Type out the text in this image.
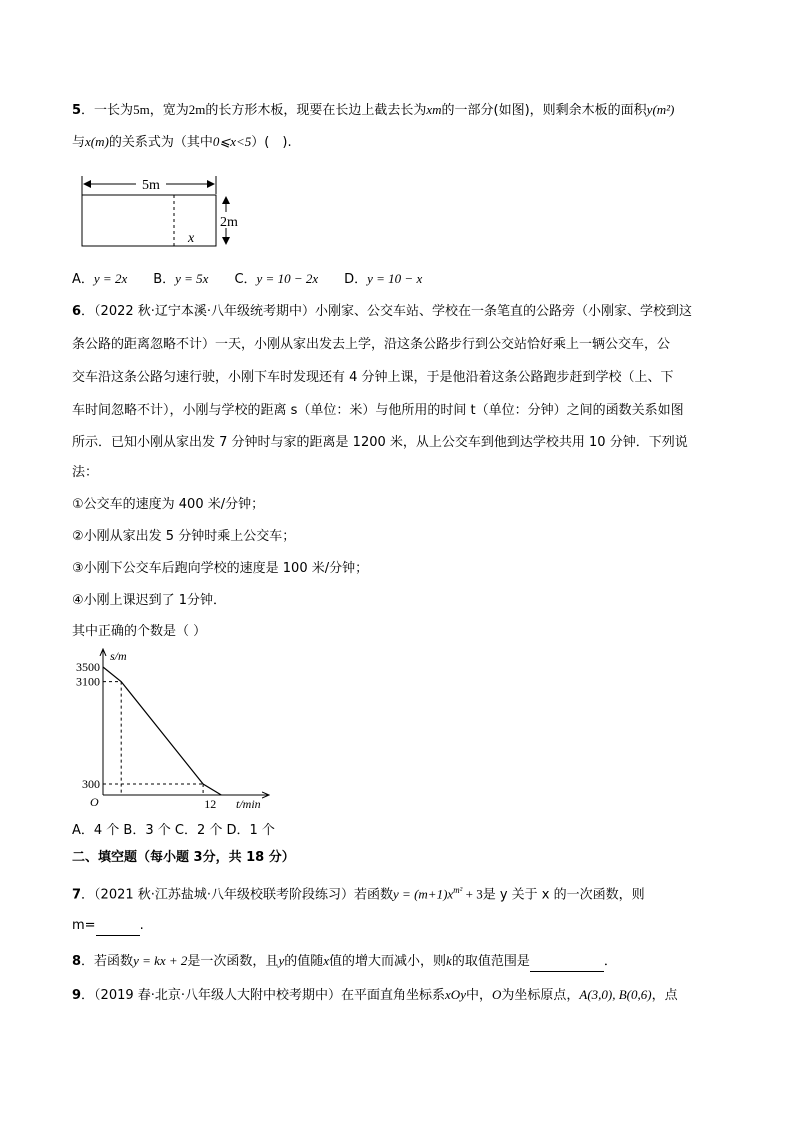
5．一长为5m，宽为2m的长方形木板，现要在长边上截去长为xm的一部分(如图)，则剩余木板的面积y(m²)
与x(m)的关系式为（其中0⩽x<5）(　).
5m
x
2m
A．y = 2x B．y = 5x C．y = 10 − 2x D．y = 10 − x
6．（2022 秋·辽宁本溪·八年级统考期中）小刚家、公交车站、学校在一条笔直的公路旁（小刚家、学校到这
条公路的距离忽略不计）一天，小刚从家出发去上学，沿这条公路步行到公交站恰好乘上一辆公交车，公
交车沿这条公路匀速行驶，小刚下车时发现还有 4 分钟上课，于是他沿着这条公路跑步赶到学校（上、下
车时间忽略不计），小刚与学校的距离 s（单位：米）与他所用的时间 t（单位：分钟）之间的函数关系如图
所示．已知小刚从家出发 7 分钟时与家的距离是 1200 米，从上公交车到他到达学校共用 10 分钟．下列说
法：
①公交车的速度为 400 米/分钟；
②小刚从家出发 5 分钟时乘上公交车；
③小刚下公交车后跑向学校的速度是 100 米/分钟；
④小刚上课迟到了 1分钟．
其中正确的个数是（ ）
s/m
t/min
O
3500
3100
300
12
A．4 个 B．3 个 C．2 个 D．1 个
二、填空题（每小题 3分，共 18 分）
7．（2021 秋·江苏盐城·八年级校联考阶段练习）若函数$y = (m+1)x^{m^2} + 3$是 y 关于 x 的一次函数，则
m=	.
8．若函数y = kx + 2是一次函数，且y的值随x值的增大而减小，则k的取值范围是	．
9．（2019 春·北京·八年级人大附中校考期中）在平面直角坐标系xOy中，O为坐标原点，A(3,0), B(0,6)，点
